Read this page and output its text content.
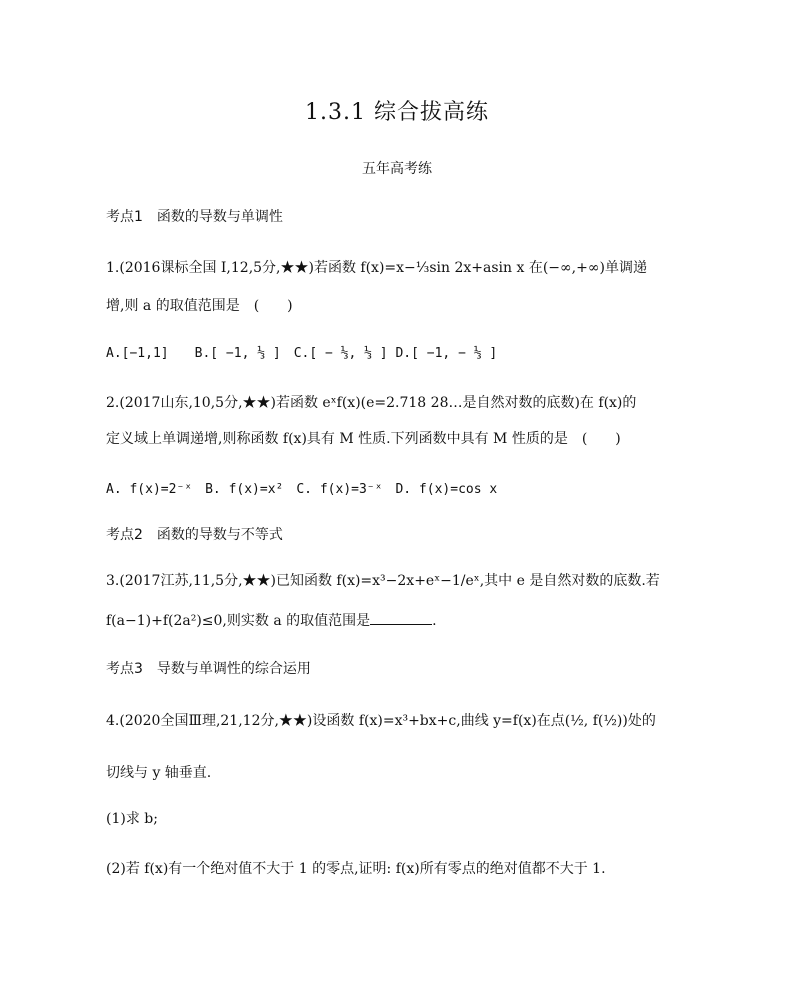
1.3.1 综合拔高练
五年高考练
考点1　函数的导数与单调性
1.(2016课标全国 I,12,5分,★★)若函数 f(x)=x−⅓sin 2x+asin x 在(−∞,+∞)单调递
增,则 a 的取值范围是　(　　)
A.[−1,1]　　B.[ −1, ⅓ ]　C.[ − ⅓, ⅓ ] D.[ −1, − ⅓ ]
2.(2017山东,10,5分,★★)若函数 eˣf(x)(e=2.718 28…是自然对数的底数)在 f(x)的
定义域上单调递增,则称函数 f(x)具有 M 性质.下列函数中具有 M 性质的是　(　　)
A. f(x)=2⁻ˣ　B. f(x)=x²　C. f(x)=3⁻ˣ　D. f(x)=cos x
考点2　函数的导数与不等式
3.(2017江苏,11,5分,★★)已知函数 f(x)=x³−2x+eˣ−1/eˣ,其中 e 是自然对数的底数.若
f(a−1)+f(2a²)≤0,则实数 a 的取值范围是	.
考点3　导数与单调性的综合运用
4.(2020全国Ⅲ理,21,12分,★★)设函数 f(x)=x³+bx+c,曲线 y=f(x)在点(½, f(½))处的
切线与 y 轴垂直.
(1)求 b;
(2)若 f(x)有一个绝对值不大于 1 的零点,证明: f(x)所有零点的绝对值都不大于 1.
